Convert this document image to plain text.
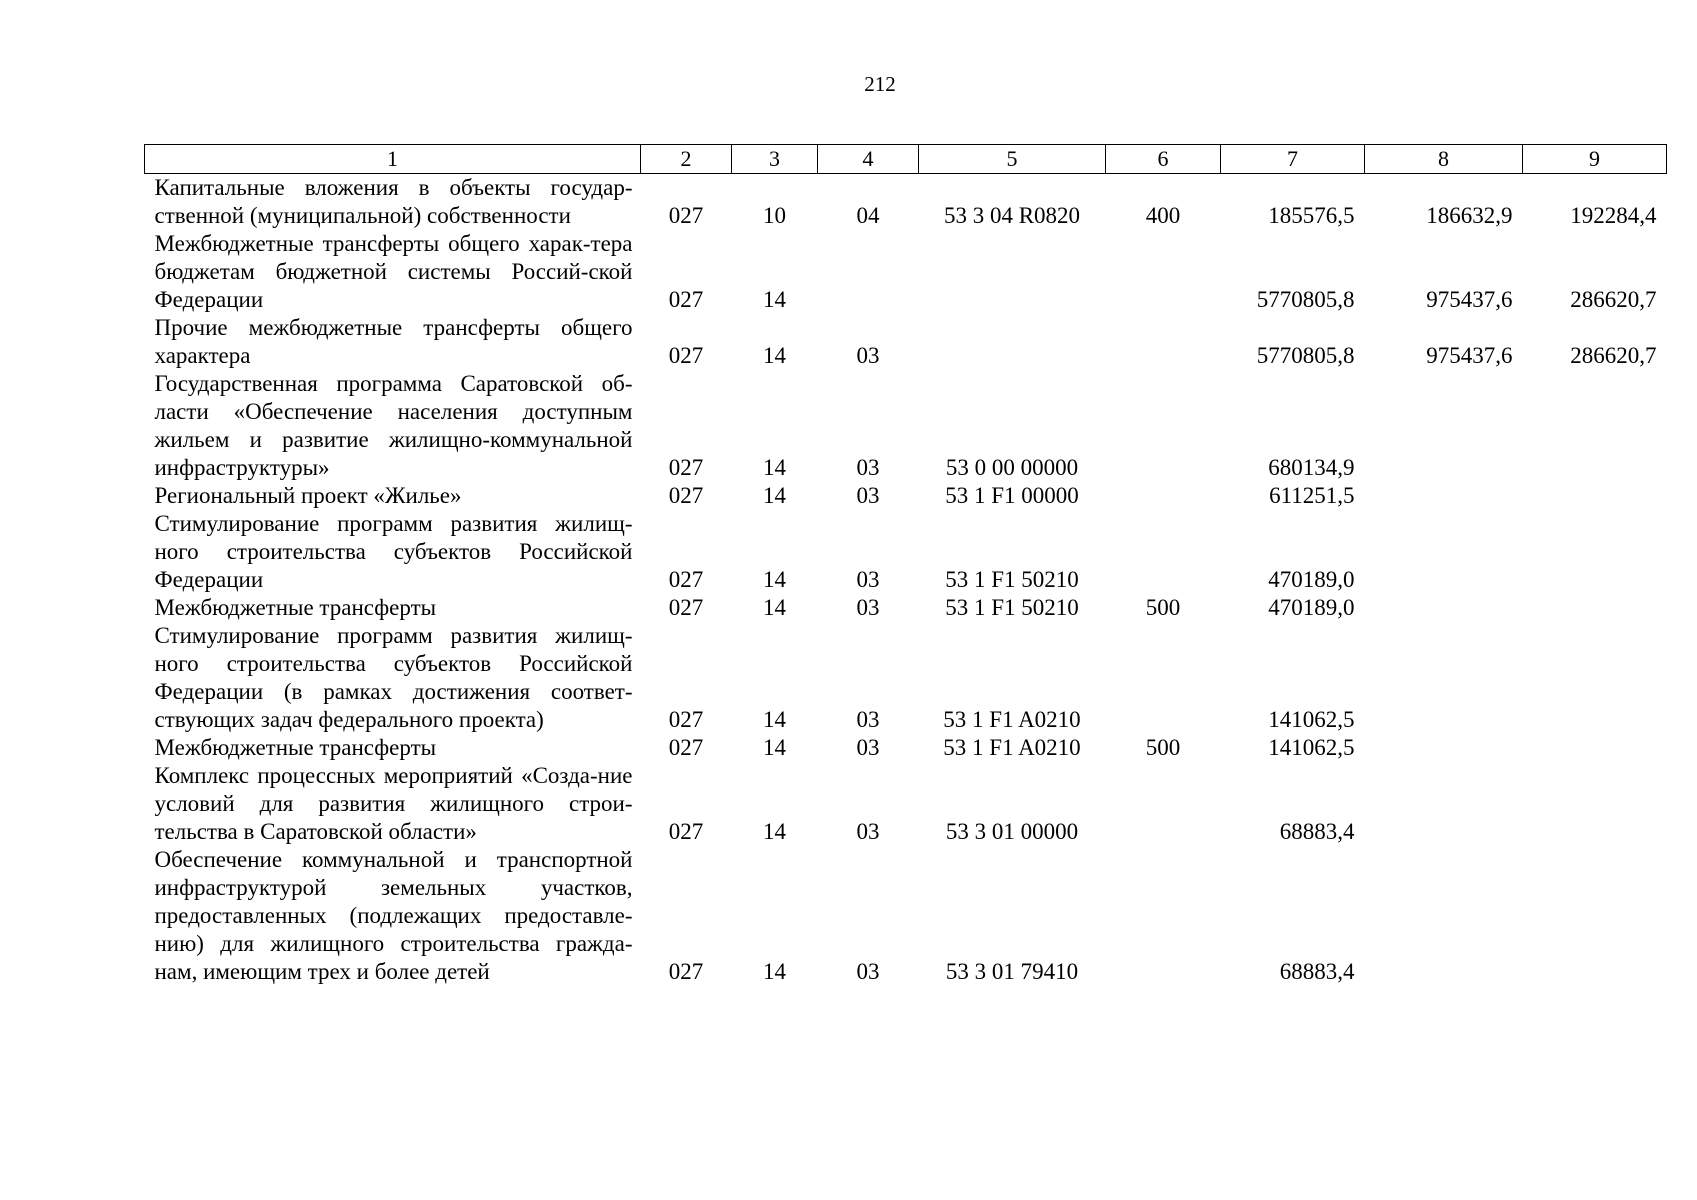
212
1	2	3	4	5	6	7	8	9
Капитальные вложения в объекты государ-ственной (муниципальной) собственности	027	10	04	53 3 04 R0820	400	185576,5	186632,9	192284,4
Межбюджетные трансферты общего харак-тера бюджетам бюджетной системы Россий-ской Федерации	027	14				5770805,8	975437,6	286620,7
Прочие межбюджетные трансферты общего характера	027	14	03			5770805,8	975437,6	286620,7
Государственная программа Саратовской об-ласти «Обеспечение населения доступным жильем и развитие жилищно-коммунальной инфраструктуры»	027	14	03	53 0 00 00000		680134,9		
Региональный проект «Жилье»	027	14	03	53 1 F1 00000		611251,5		
Стимулирование программ развития жилищ-ного строительства субъектов Российской Федерации	027	14	03	53 1 F1 50210		470189,0		
Межбюджетные трансферты	027	14	03	53 1 F1 50210	500	470189,0		
Стимулирование программ развития жилищ-ного строительства субъектов Российской Федерации (в рамках достижения соответ-ствующих задач федерального проекта)	027	14	03	53 1 F1 A0210		141062,5		
Межбюджетные трансферты	027	14	03	53 1 F1 A0210	500	141062,5		
Комплекс процессных мероприятий «Созда-ние условий для развития жилищного строи-тельства в Саратовской области»	027	14	03	53 3 01 00000		68883,4		
Обеспечение коммунальной и транспортной инфраструктурой земельных участков, предоставленных (подлежащих предоставле-нию) для жилищного строительства гражда-нам, имеющим трех и более детей	027	14	03	53 3 01 79410		68883,4		
